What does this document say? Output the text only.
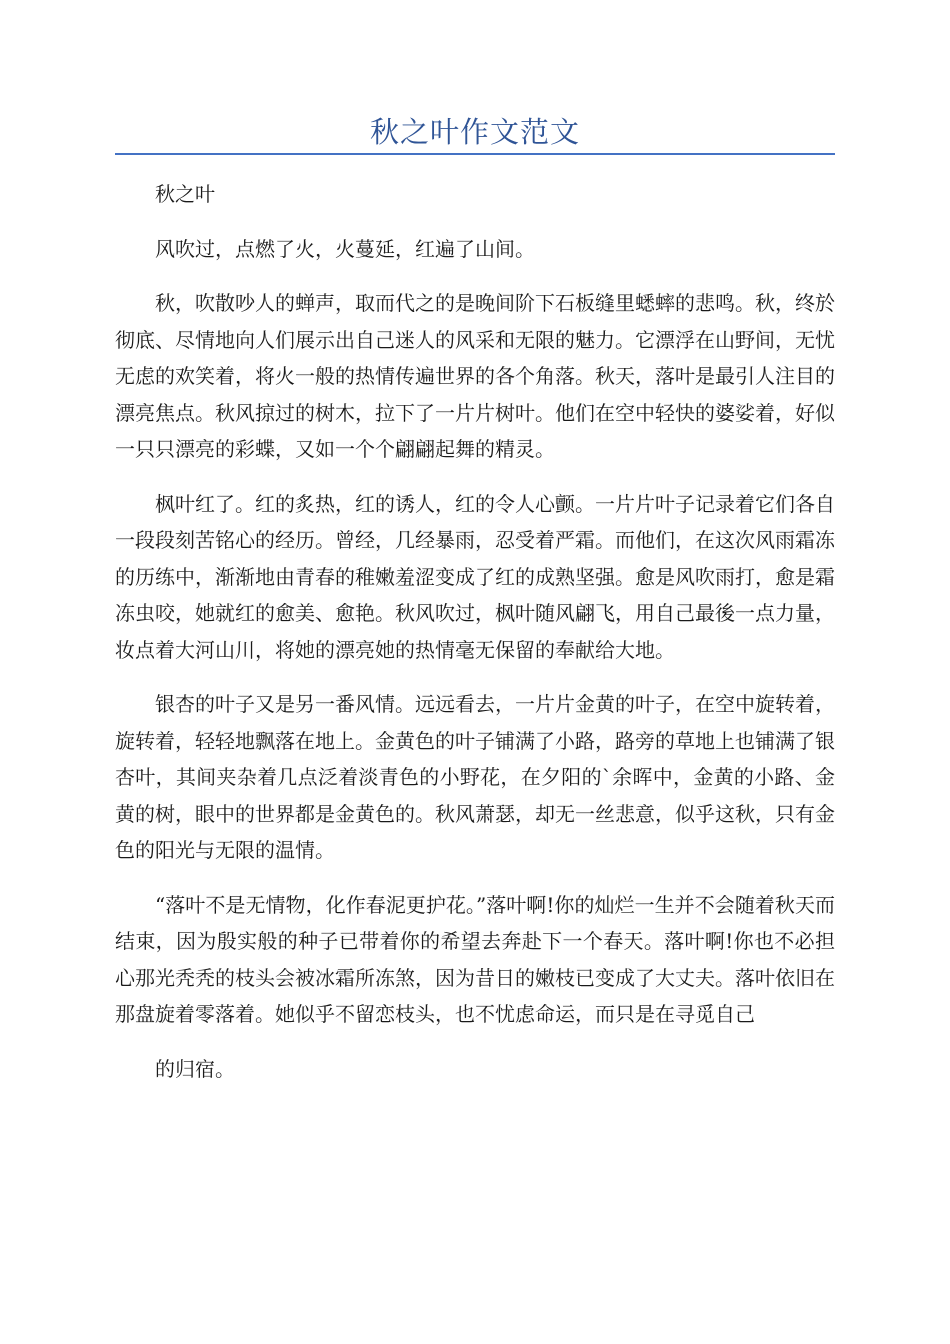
秋之叶作文范文

秋之叶

风吹过，点燃了火，火蔓延，红遍了山间。

秋，吹散吵人的蝉声，取而代之的是晚间阶下石板缝里蟋蟀的悲鸣。秋，终於彻底、尽情地向人们展示出自己迷人的风采和无限的魅力。它漂浮在山野间，无忧无虑的欢笑着，将火一般的热情传遍世界的各个角落。秋天，落叶是最引人注目的漂亮焦点。秋风掠过的树木，拉下了一片片树叶。他们在空中轻快的婆娑着，好似一只只漂亮的彩蝶，又如一个个翩翩起舞的精灵。

枫叶红了。红的炙热，红的诱人，红的令人心颤。一片片叶子记录着它们各自一段段刻苦铭心的经历。曾经，几经暴雨，忍受着严霜。而他们，在这次风雨霜冻的历练中，渐渐地由青春的稚嫩羞涩变成了红的成熟坚强。愈是风吹雨打，愈是霜冻虫咬，她就红的愈美、愈艳。秋风吹过，枫叶随风翩飞，用自己最後一点力量，妆点着大河山川，将她的漂亮她的热情毫无保留的奉献给大地。

银杏的叶子又是另一番风情。远远看去，一片片金黄的叶子，在空中旋转着，旋转着，轻轻地飘落在地上。金黄色的叶子铺满了小路，路旁的草地上也铺满了银杏叶，其间夹杂着几点泛着淡青色的小野花，在夕阳的`余晖中，金黄的小路、金黄的树，眼中的世界都是金黄色的。秋风萧瑟，却无一丝悲意，似乎这秋，只有金色的阳光与无限的温情。

“落叶不是无情物，化作春泥更护花。”落叶啊!你的灿烂一生并不会随着秋天而结束，因为殷实般的种子已带着你的希望去奔赴下一个春天。落叶啊!你也不必担心那光秃秃的枝头会被冰霜所冻煞，因为昔日的嫩枝已变成了大丈夫。落叶依旧在那盘旋着零落着。她似乎不留恋枝头，也不忧虑命运，而只是在寻觅自己

的归宿。
